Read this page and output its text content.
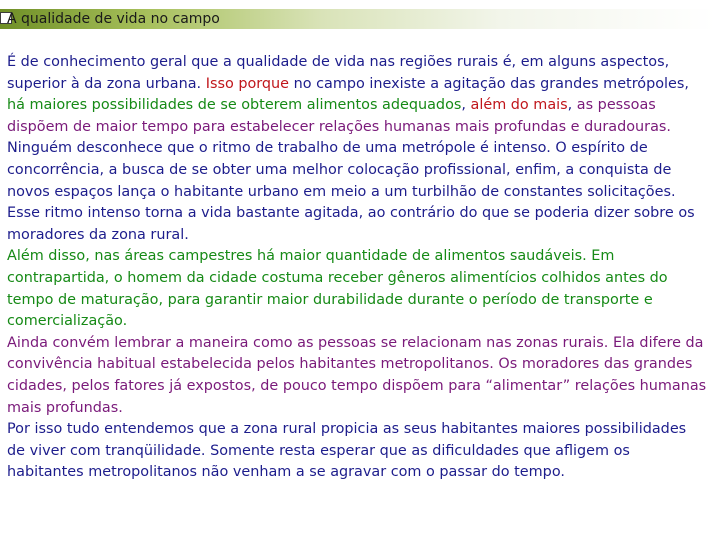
A qualidade de vida no campo

É de conhecimento geral que a qualidade de vida nas regiões rurais é, em alguns aspectos, superior à da zona urbana. Isso porque no campo inexiste a agitação das grandes metrópoles, há maiores possibilidades de se obterem alimentos adequados, além do mais, as pessoas dispõem de maior tempo para estabelecer relações humanas mais profundas e duradouras.

Ninguém desconhece que o ritmo de trabalho de uma metrópole é intenso. O espírito de concorrência, a busca de se obter uma melhor colocação profissional, enfim, a conquista de novos espaços lança o habitante urbano em meio a um turbilhão de constantes solicitações. Esse ritmo intenso torna a vida bastante agitada, ao contrário do que se poderia dizer sobre os moradores da zona rural.

Além disso, nas áreas campestres há maior quantidade de alimentos saudáveis. Em contrapartida, o homem da cidade costuma receber gêneros alimentícios colhidos antes do tempo de maturação, para garantir maior durabilidade durante o período de transporte e comercialização.

Ainda convém lembrar a maneira como as pessoas se relacionam nas zonas rurais. Ela difere da convivência habitual estabelecida pelos habitantes metropolitanos. Os moradores das grandes cidades, pelos fatores já expostos, de pouco tempo dispõem para “alimentar” relações humanas mais profundas.

Por isso tudo entendemos que a zona rural propicia as seus habitantes maiores possibilidades de viver com tranqüilidade. Somente resta esperar que as dificuldades que afligem os habitantes metropolitanos não venham a se agravar com o passar do tempo.
